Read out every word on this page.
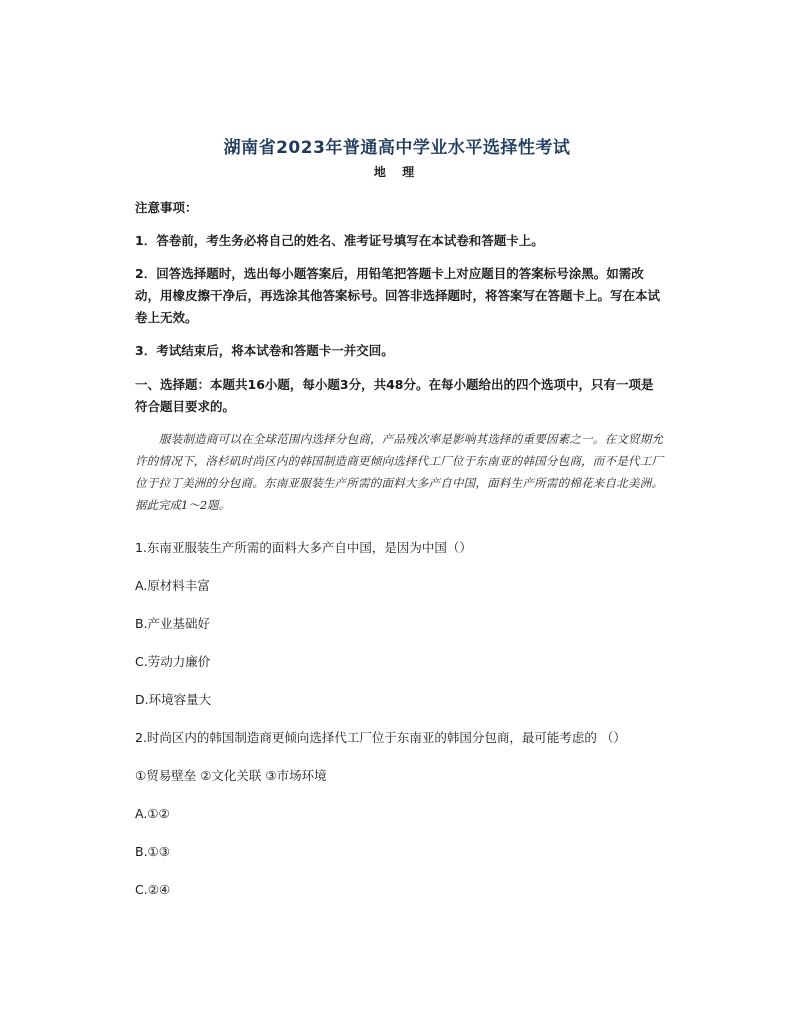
湖南省2023年普通高中学业水平选择性考试
地 理
注意事项：
1．答卷前，考生务必将自己的姓名、准考证号填写在本试卷和答题卡上。
2．回答选择题时，选出每小题答案后，用铅笔把答题卡上对应题目的答案标号涂黑。如需改动，用橡皮擦干净后，再选涂其他答案标号。回答非选择题时，将答案写在答题卡上。写在本试卷上无效。
3．考试结束后，将本试卷和答题卡一并交回。
一、选择题：本题共16小题，每小题3分，共48分。在每小题给出的四个选项中，只有一项是符合题目要求的。
服装制造商可以在全球范围内选择分包商，产品残次率是影响其选择的重要因素之一。在文贸期允许的情况下，洛杉矶时尚区内的韩国制造商更倾向选择代工厂位于东南亚的韩国分包商，而不是代工厂位于拉丁美洲的分包商。东南亚服装生产所需的面料大多产自中国，面料生产所需的棉花来自北美洲。据此完成1～2题。
1.东南亚服装生产所需的面料大多产自中国，是因为中国（）
A.原材料丰富
B.产业基础好
C.劳动力廉价
D.环境容量大
2.时尚区内的韩国制造商更倾向选择代工厂位于东南亚的韩国分包商，最可能考虑的 （）
①贸易壁垒 ②文化关联 ③市场环境
A.①②
B.①③
C.②④
